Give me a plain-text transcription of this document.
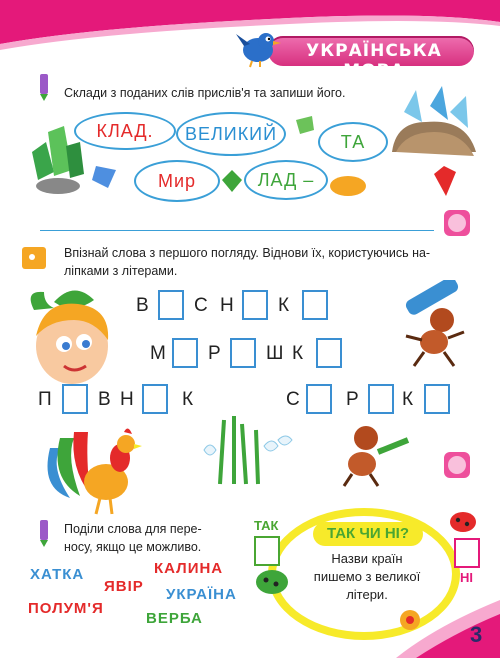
УКРАЇНСЬКА МОВА
Склади з поданих слів прислів'я та запиши його.
КЛАД.	ВЕЛИКИЙ	ТА
Мир	ЛАД –
Впізнай слова з першого погляду. Віднови їх, користуючись на-
ліпками з літерами.
В С Н К
М Р Ш К
П В Н	К	С Р К
Поділи слова для пере-
носу, якщо це можливо.
ХАТКА
ЯВІР
КАЛИНА
ПОЛУМ'Я
УКРАЇНА
ВЕРБА
ТАК ЧИ НІ?
Назви країн
пишемо з великої
літери.
ТАК
НІ
3
